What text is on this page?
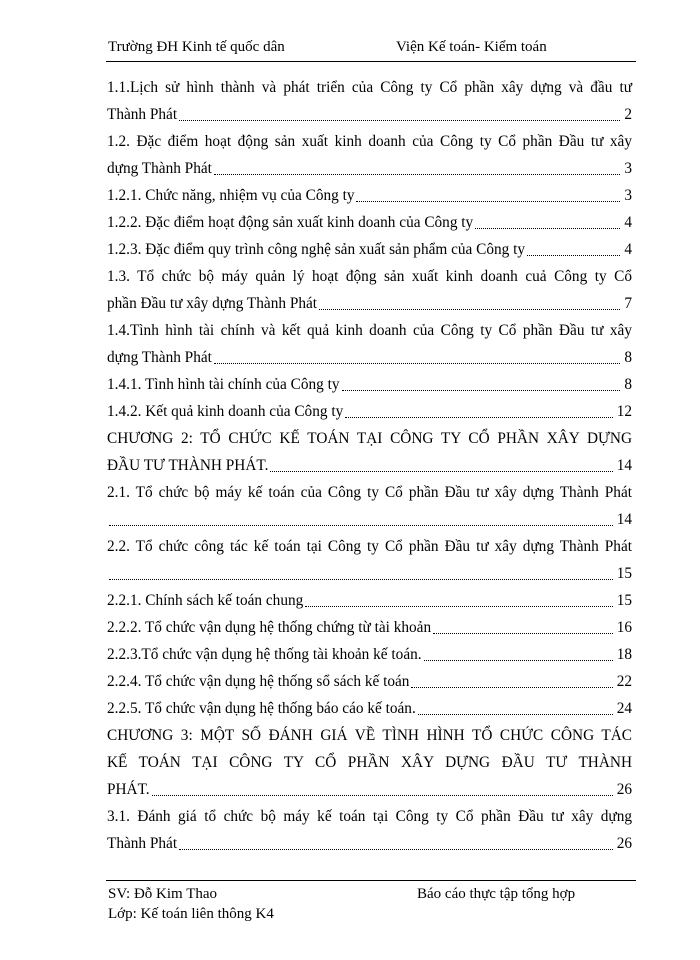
Trường ĐH Kinh tế quốc dân	Viện Kế toán- Kiểm toán
1.1.Lịch sử hình thành và phát triển của Công ty Cổ phần xây dựng và đầu tư
Thành Phát	2
1.2. Đặc điểm hoạt động sản xuất kinh doanh của Công ty Cổ phần Đầu tư xây
dựng Thành Phát	3
1.2.1. Chức năng, nhiệm vụ của Công ty	3
1.2.2. Đặc điểm hoạt động sản xuất kinh doanh của Công ty	4
1.2.3. Đặc điểm quy trình công nghệ sản xuất sản phẩm của Công ty	4
1.3. Tổ chức bộ máy quản lý hoạt động sản xuất kinh doanh cuả Công ty Cổ
phần Đầu tư xây dựng Thành Phát	7
1.4.Tình hình tài chính và kết quả kinh doanh của Công ty Cổ phần Đầu tư xây
dựng Thành Phát	8
1.4.1. Tình hình tài chính của Công ty	8
1.4.2. Kết quả kinh doanh của Công ty	12
CHƯƠNG 2: TỔ CHỨC KẾ TOÁN TẠI CÔNG TY CỔ PHẦN XÂY DỰNG
ĐẦU TƯ THÀNH PHÁT.	14
2.1. Tổ chức bộ máy kế toán của Công ty Cổ phần Đầu tư xây dựng Thành Phát
14
2.2. Tổ chức công tác kế toán tại Công ty Cổ phần Đầu tư xây dựng Thành Phát
15
2.2.1. Chính sách kế toán chung	15
2.2.2. Tổ chức vận dụng hệ thống chứng từ tài khoản	16
2.2.3.Tổ chức vận dụng hệ thống tài khoản kế toán.	18
2.2.4. Tổ chức vận dụng hệ thống sổ sách kế toán	22
2.2.5. Tổ chức vận dụng hệ thống báo cáo kế toán.	24
CHƯƠNG 3: MỘT SỐ ĐÁNH GIÁ VỀ TÌNH HÌNH TỔ CHỨC CÔNG TÁC
KẾ TOÁN TẠI CÔNG TY CỔ PHẦN XÂY DỰNG ĐẦU TƯ THÀNH
PHÁT.	26
3.1. Đánh giá tổ chức bộ máy kế toán tại Công ty Cổ phần Đầu tư xây dựng
Thành Phát	26
SV: Đỗ Kim Thao	Báo cáo thực tập tổng hợp
Lớp: Kế toán liên thông K4
